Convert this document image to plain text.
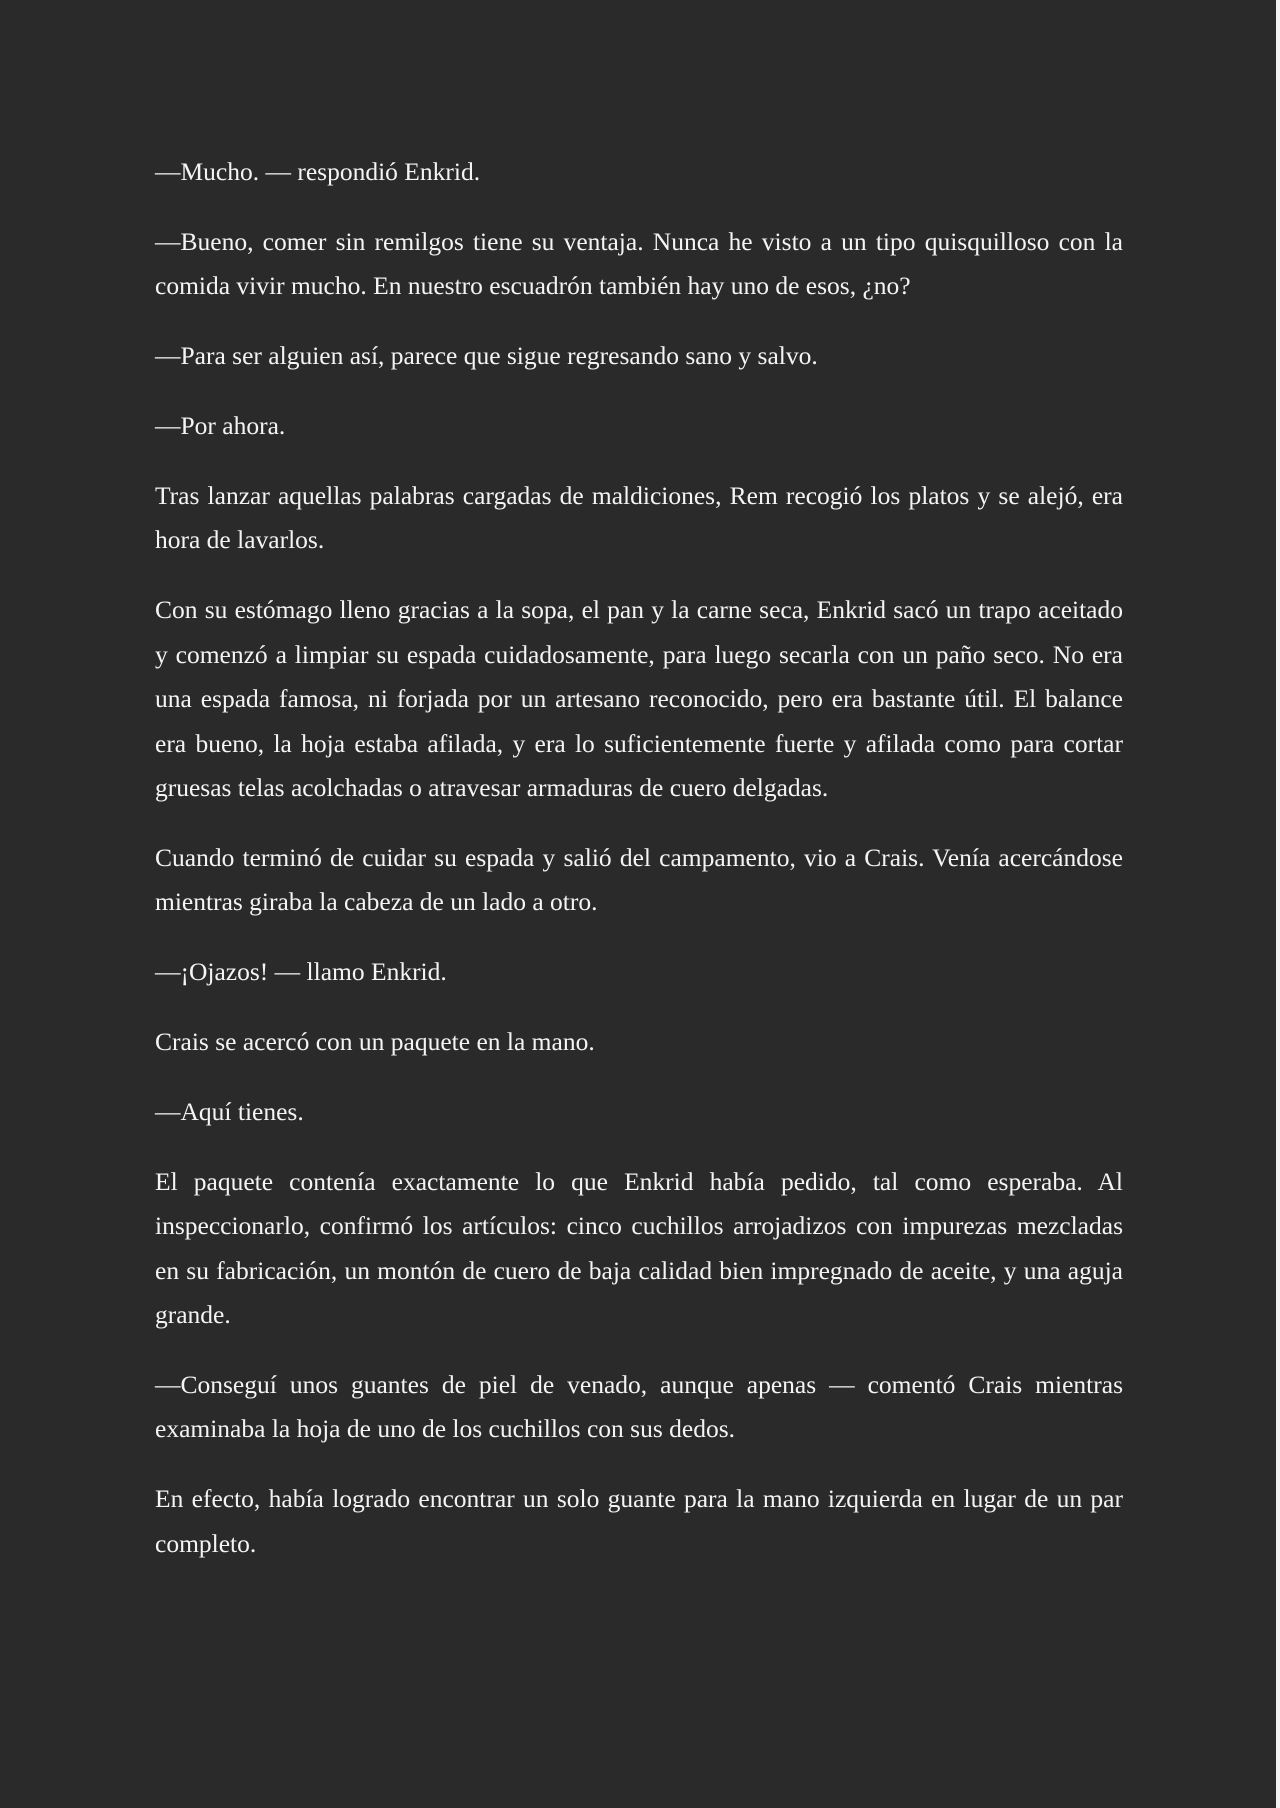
—Mucho. — respondió Enkrid.

—Bueno, comer sin remilgos tiene su ventaja. Nunca he visto a un tipo quisquilloso con la comida vivir mucho. En nuestro escuadrón también hay uno de esos, ¿no?

—Para ser alguien así, parece que sigue regresando sano y salvo.

—Por ahora.

Tras lanzar aquellas palabras cargadas de maldiciones, Rem recogió los platos y se alejó, era hora de lavarlos.

Con su estómago lleno gracias a la sopa, el pan y la carne seca, Enkrid sacó un trapo aceitado y comenzó a limpiar su espada cuidadosamente, para luego secarla con un paño seco. No era una espada famosa, ni forjada por un artesano reconocido, pero era bastante útil. El balance era bueno, la hoja estaba afilada, y era lo suficientemente fuerte y afilada como para cortar gruesas telas acolchadas o atravesar armaduras de cuero delgadas.

Cuando terminó de cuidar su espada y salió del campamento, vio a Crais. Venía acercándose mientras giraba la cabeza de un lado a otro.

—¡Ojazos! — llamo Enkrid.

Crais se acercó con un paquete en la mano.

—Aquí tienes.

El paquete contenía exactamente lo que Enkrid había pedido, tal como esperaba. Al inspeccionarlo, confirmó los artículos: cinco cuchillos arrojadizos con impurezas mezcladas en su fabricación, un montón de cuero de baja calidad bien impregnado de aceite, y una aguja grande.

—Conseguí unos guantes de piel de venado, aunque apenas — comentó Crais mientras examinaba la hoja de uno de los cuchillos con sus dedos.

En efecto, había logrado encontrar un solo guante para la mano izquierda en lugar de un par completo.
